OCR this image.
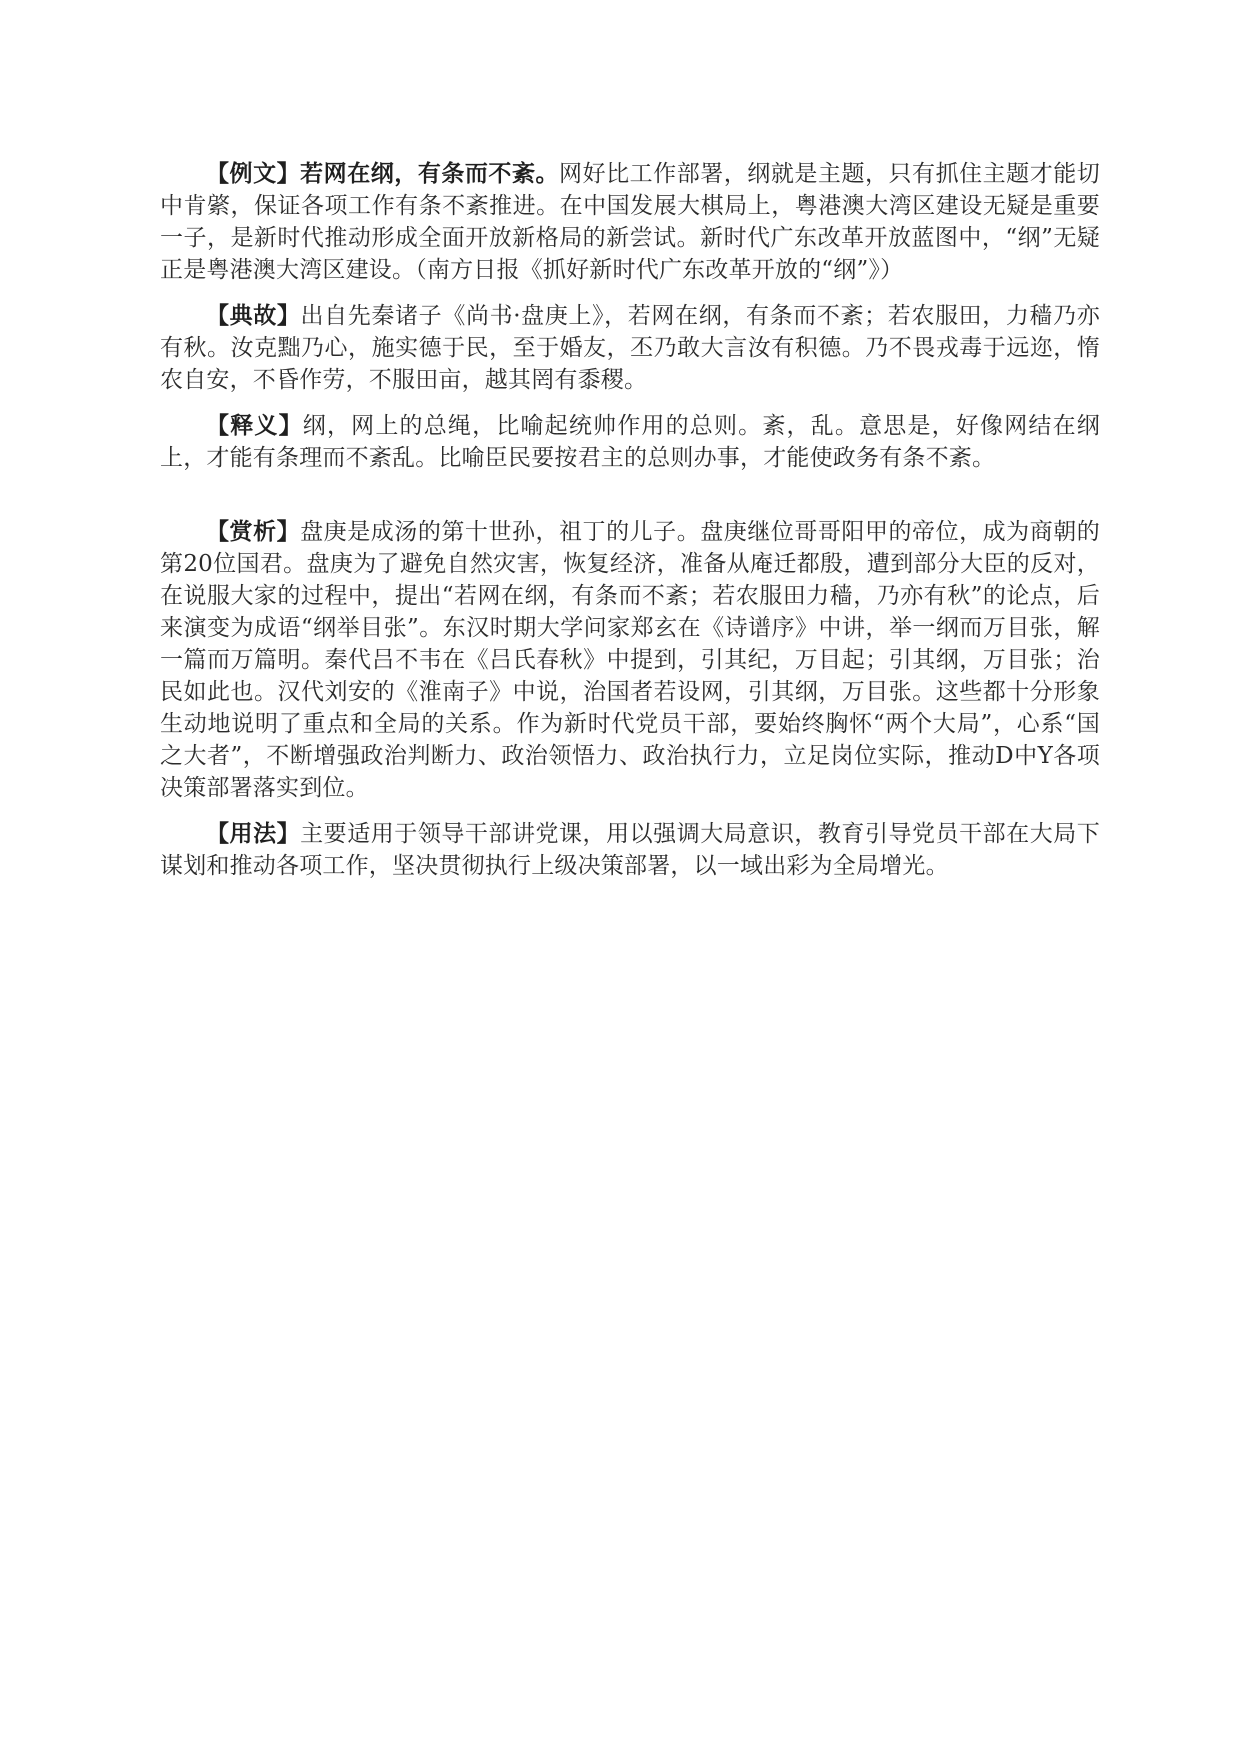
【例文】若网在纲，有条而不紊。网好比工作部署，纲就是主题，只有抓住主题才能切中肯綮，保证各项工作有条不紊推进。在中国发展大棋局上，粤港澳大湾区建设无疑是重要一子，是新时代推动形成全面开放新格局的新尝试。新时代广东改革开放蓝图中，“纲”无疑正是粤港澳大湾区建设。（南方日报《抓好新时代广东改革开放的“纲”》）

【典故】出自先秦诸子《尚书·盘庚上》，若网在纲，有条而不紊；若农服田，力穑乃亦有秋。汝克黜乃心，施实德于民，至于婚友，丕乃敢大言汝有积德。乃不畏戎毒于远迩，惰农自安，不昏作劳，不服田亩，越其罔有黍稷。

【释义】纲，网上的总绳，比喻起统帅作用的总则。紊，乱。意思是，好像网结在纲上，才能有条理而不紊乱。比喻臣民要按君主的总则办事，才能使政务有条不紊。

【赏析】盘庚是成汤的第十世孙，祖丁的儿子。盘庚继位哥哥阳甲的帝位，成为商朝的第20位国君。盘庚为了避免自然灾害，恢复经济，准备从庵迁都殷，遭到部分大臣的反对，在说服大家的过程中，提出“若网在纲，有条而不紊；若农服田力穑，乃亦有秋”的论点，后来演变为成语“纲举目张”。东汉时期大学问家郑玄在《诗谱序》中讲，举一纲而万目张，解一篇而万篇明。秦代吕不韦在《吕氏春秋》中提到，引其纪，万目起；引其纲，万目张；治民如此也。汉代刘安的《淮南子》中说，治国者若设网，引其纲，万目张。这些都十分形象生动地说明了重点和全局的关系。作为新时代党员干部，要始终胸怀“两个大局”，心系“国之大者”，不断增强政治判断力、政治领悟力、政治执行力，立足岗位实际，推动D中Y各项决策部署落实到位。

【用法】主要适用于领导干部讲党课，用以强调大局意识，教育引导党员干部在大局下谋划和推动各项工作，坚决贯彻执行上级决策部署，以一域出彩为全局增光。
